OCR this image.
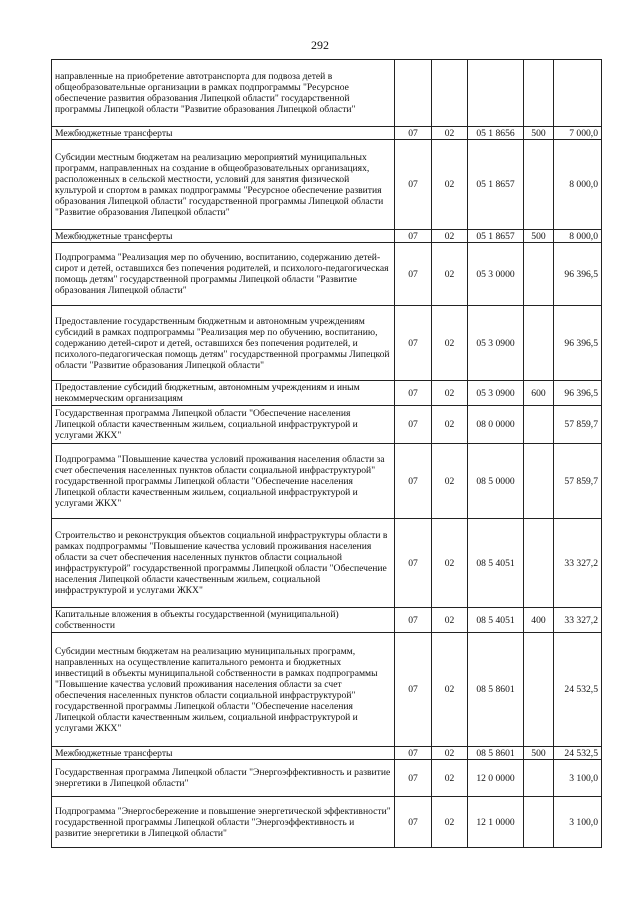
292
направленные на приобретение автотранспорта для подвоза детей в общеобразовательные организации в рамках подпрограммы "Ресурсное обеспечение развития образования Липецкой области" государственной программы Липецкой области "Развитие образования Липецкой области"					
Межбюджетные трансферты	07	02	05 1 8656	500	7 000,0
Субсидии местным бюджетам на реализацию мероприятий муниципальных программ, направленных на создание в общеобразовательных организациях, расположенных в сельской местности, условий для занятия физической культурой и спортом в рамках подпрограммы "Ресурсное обеспечение развития образования Липецкой области" государственной программы Липецкой области "Развитие образования Липецкой области"	07	02	05 1 8657		8 000,0
Межбюджетные трансферты	07	02	05 1 8657	500	8 000,0
Подпрограмма "Реализация мер по обучению, воспитанию, содержанию детей-сирот и детей, оставшихся без попечения родителей, и психолого-педагогическая помощь детям" государственной программы Липецкой области "Развитие образования Липецкой области"	07	02	05 3 0000		96 396,5
Предоставление государственным бюджетным и автономным учреждениям субсидий в рамках подпрограммы "Реализация мер по обучению, воспитанию, содержанию детей-сирот и детей, оставшихся без попечения родителей, и психолого-педагогическая помощь детям" государственной программы Липецкой области "Развитие образования Липецкой области"	07	02	05 3 0900		96 396,5
Предоставление субсидий бюджетным, автономным учреждениям и иным некоммерческим организациям	07	02	05 3 0900	600	96 396,5
Государственная программа Липецкой области "Обеспечение населения Липецкой области качественным жильем, социальной инфраструктурой и услугами ЖКХ"	07	02	08 0 0000		57 859,7
Подпрограмма "Повышение качества условий проживания населения области за счет обеспечения населенных пунктов области социальной инфраструктурой" государственной программы Липецкой области "Обеспечение населения Липецкой области качественным жильем, социальной инфраструктурой и услугами ЖКХ"	07	02	08 5 0000		57 859,7
Строительство и реконструкция объектов социальной инфраструктуры области в рамках подпрограммы "Повышение качества условий проживания населения области за счет обеспечения населенных пунктов области социальной инфраструктурой" государственной программы Липецкой области "Обеспечение населения Липецкой области качественным жильем, социальной инфраструктурой и услугами ЖКХ"	07	02	08 5 4051		33 327,2
Капитальные вложения в объекты государственной (муниципальной) собственности	07	02	08 5 4051	400	33 327,2
Субсидии местным бюджетам на реализацию муниципальных программ, направленных на осуществление капитального ремонта и бюджетных инвестиций в объекты муниципальной собственности в рамках подпрограммы "Повышение качества условий проживания населения области за счет обеспечения населенных пунктов области социальной инфраструктурой" государственной программы Липецкой области "Обеспечение населения Липецкой области качественным жильем, социальной инфраструктурой и услугами ЖКХ"	07	02	08 5 8601		24 532,5
Межбюджетные трансферты	07	02	08 5 8601	500	24 532,5
Государственная программа Липецкой области "Энергоэффективность и развитие энергетики в Липецкой области"	07	02	12 0 0000		3 100,0
Подпрограмма "Энергосбережение и повышение энергетической эффективности" государственной программы Липецкой области "Энергоэффективность и развитие энергетики в Липецкой области"	07	02	12 1 0000		3 100,0
